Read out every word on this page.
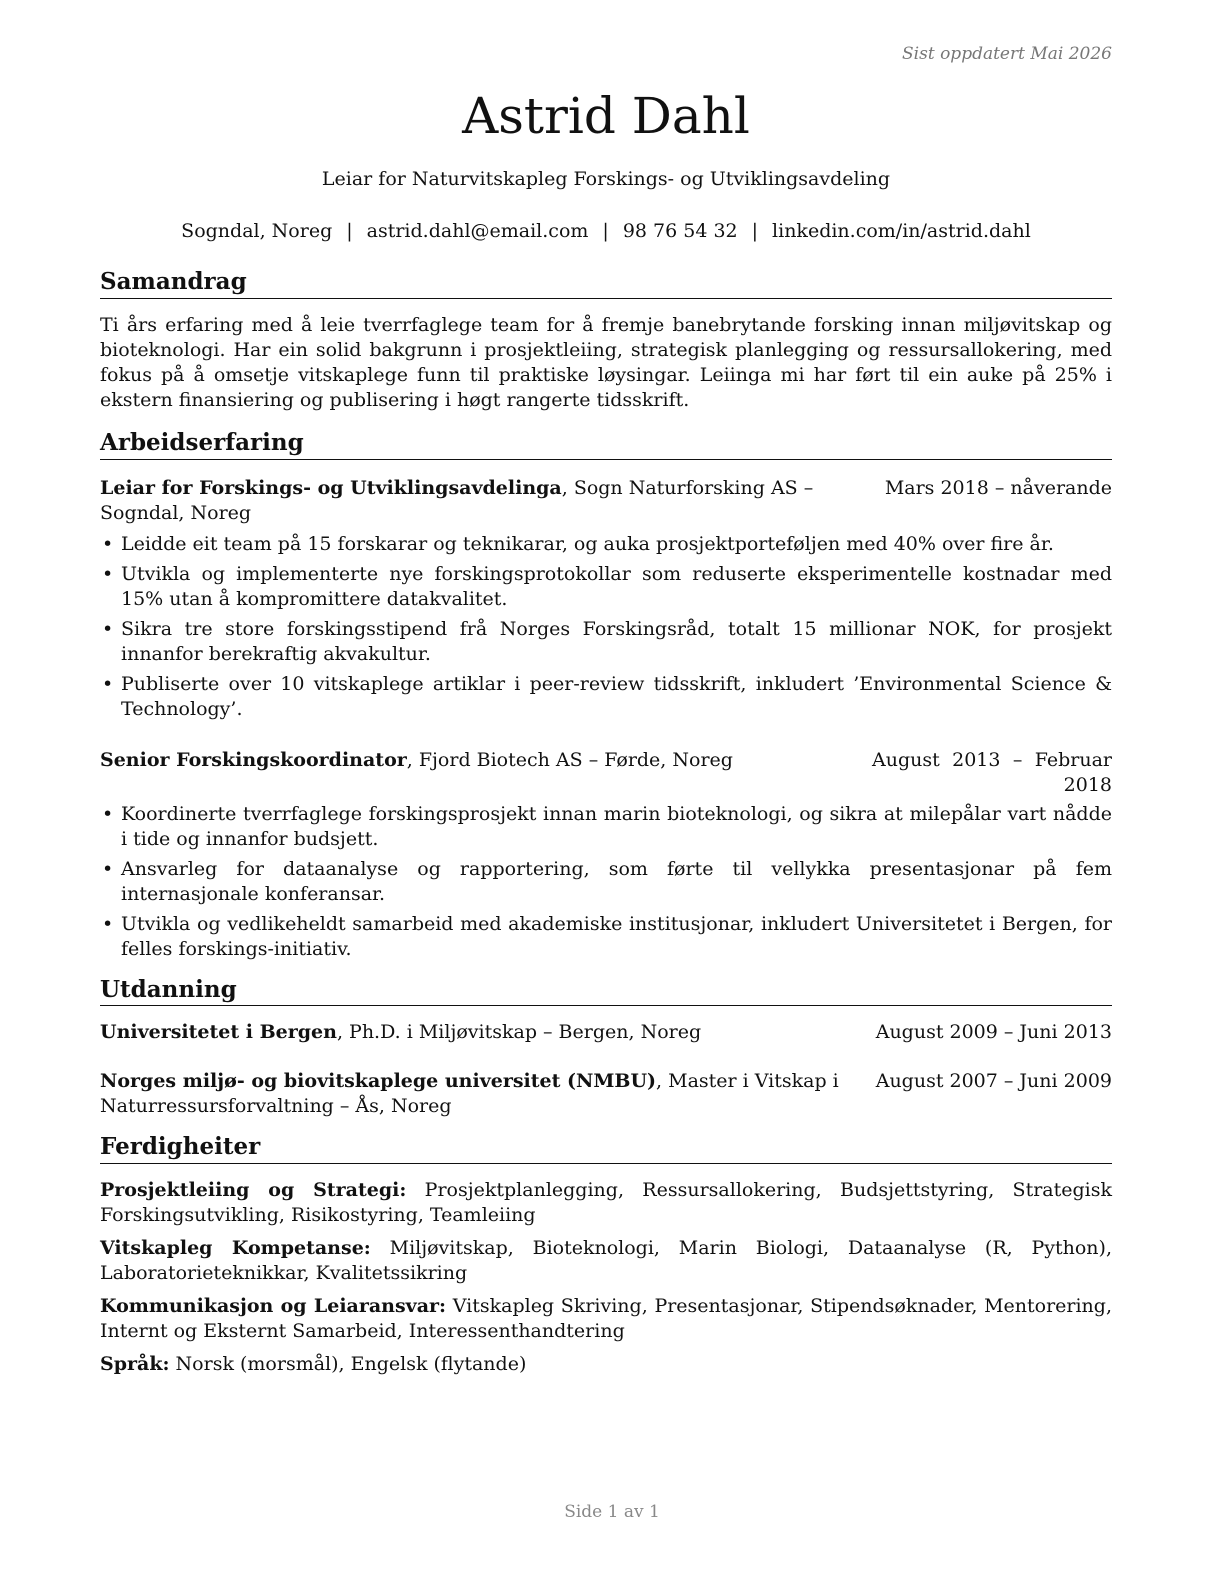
Sist oppdatert Mai 2026
Astrid Dahl
Leiar for Naturvitskapleg Forskings- og Utviklingsavdeling
Sogndal, Noreg | astrid.dahl@email.com | 98 76 54 32 | linkedin.com/in/astrid.dahl
Samandrag

Ti års erfaring med å leie tverrfaglege team for å fremje banebrytande forsking innan miljøvitskap og bioteknologi. Har ein solid bakgrunn i prosjektleiing, strategisk planlegging og ressursallokering, med fokus på å omsetje vitskaplege funn til praktiske løysingar. Leiinga mi har ført til ein auke på 25% i ekstern finansiering og publisering i høgt rangerte tidsskrift.

Arbeidserfaring
Leiar for Forskings- og Utviklingsavdelinga, Sogn Naturforsking AS – Sogndal, Noreg
Mars 2018 – nåverande
• Leidde eit team på 15 forskarar og teknikarar, og auka prosjektporteføljen med 40% over fire år.
• Utvikla og implementerte nye forskingsprotokollar som reduserte eksperimentelle kostnadar med 15% utan å kompromittere datakvalitet.
• Sikra tre store forskingsstipend frå Norges Forskingsråd, totalt 15 millionar NOK, for prosjekt innanfor berekraftig akvakultur.
• Publiserte over 10 vitskaplege artiklar i peer-review tidsskrift, inkludert ’Environmental Science & Technology’.
Senior Forskingskoordinator, Fjord Biotech AS – Førde, Noreg	August 2013 – Februar 2018
• Koordinerte tverrfaglege forskingsprosjekt innan marin bioteknologi, og sikra at milepålar vart nådde i tide og innanfor budsjett.
• Ansvarleg for dataanalyse og rapportering, som førte til vellykka presentasjonar på fem internasjonale konferansar.
• Utvikla og vedlikeheldt samarbeid med akademiske institusjonar, inkludert Universitetet i Bergen, for felles forskings-initiativ.
Utdanning
Universitetet i Bergen, Ph.D. i Miljøvitskap – Bergen, Noreg	August 2009 – Juni 2013
Norges miljø- og biovitskaplege universitet (NMBU), Master i Vitskap i Naturressursforvaltning – Ås, Noreg
August 2007 – Juni 2009
Ferdigheiter

Prosjektleiing og Strategi: Prosjektplanlegging, Ressursallokering, Budsjettstyring, Strategisk Forskingsutvikling, Risikostyring, Teamleiing

Vitskapleg Kompetanse: Miljøvitskap, Bioteknologi, Marin Biologi, Dataanalyse (R, Python), Laboratorieteknikkar, Kvalitetssikring

Kommunikasjon og Leiaransvar: Vitskapleg Skriving, Presentasjonar, Stipendsøknader, Mentorering, Internt og Eksternt Samarbeid, Interessenthandtering

Språk: Norsk (morsmål), Engelsk (flytande)

Side 1 av 1
